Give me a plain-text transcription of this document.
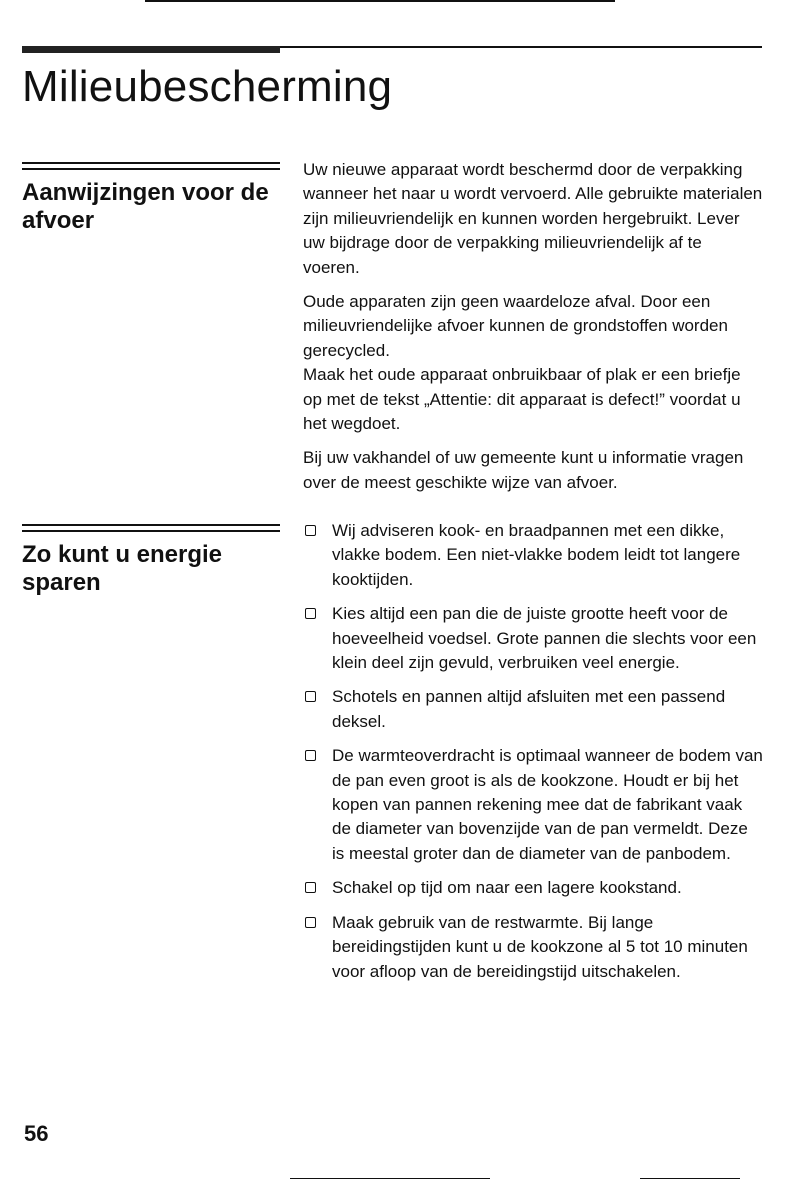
Milieubescherming
Aanwijzingen voor de afvoer

Uw nieuwe apparaat wordt beschermd door de verpakking wanneer het naar u wordt vervoerd. Alle gebruikte materialen zijn milieuvriendelijk en kunnen worden hergebruikt. Lever uw bijdrage door de verpakking milieuvriendelijk af te voeren.

Oude apparaten zijn geen waardeloze afval. Door een milieuvriendelijke afvoer kunnen de grondstoffen worden gerecycled.

Maak het oude apparaat onbruikbaar of plak er een briefje op met de tekst „Attentie: dit apparaat is defect!” voordat u het wegdoet.

Bij uw vakhandel of uw gemeente kunt u informatie vragen over de meest geschikte wijze van afvoer.

Zo kunt u energie sparen
Wij adviseren kook- en braadpannen met een dikke, vlakke bodem. Een niet-vlakke bodem leidt tot langere kooktijden.
Kies altijd een pan die de juiste grootte heeft voor de hoeveelheid voedsel. Grote pannen die slechts voor een klein deel zijn gevuld, verbruiken veel energie.
Schotels en pannen altijd afsluiten met een passend deksel.
De warmteoverdracht is optimaal wanneer de bodem van de pan even groot is als de kookzone. Houdt er bij het kopen van pannen rekening mee dat de fabrikant vaak de diameter van bovenzijde van de pan vermeldt. Deze is meestal groter dan de diameter van de panbodem.
Schakel op tijd om naar een lagere kookstand.
Maak gebruik van de restwarmte. Bij lange bereidingstijden kunt u de kookzone al 5 tot 10 minuten voor afloop van de bereidingstijd uitschakelen.
56
